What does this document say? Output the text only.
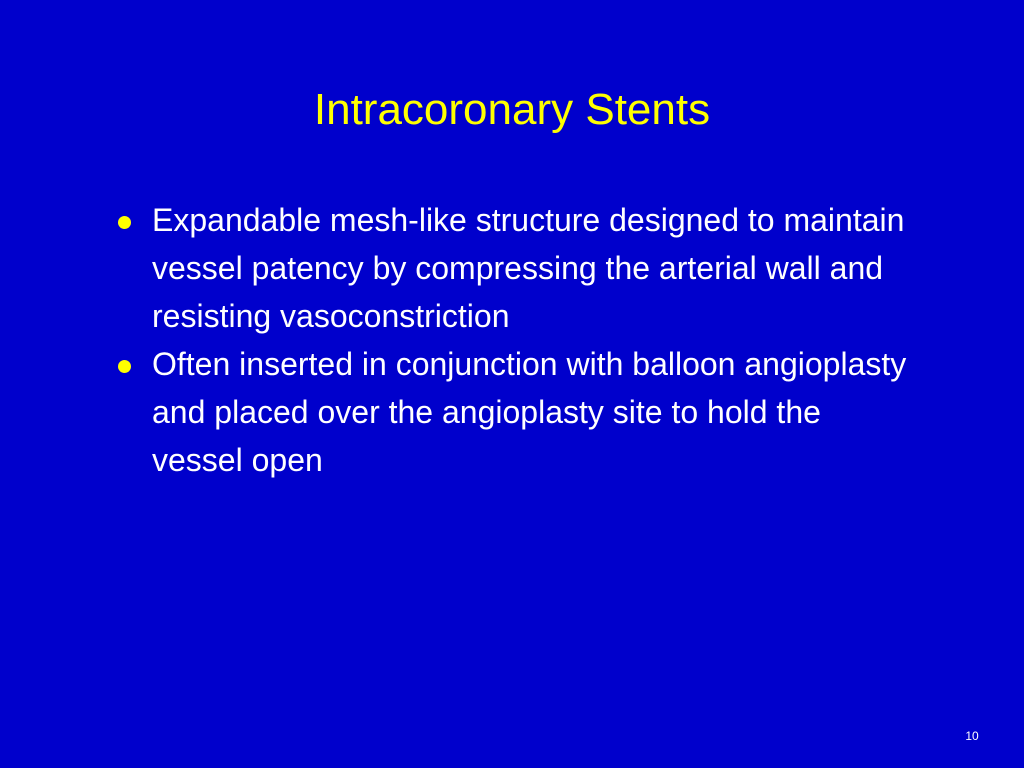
Intracoronary Stents
Expandable mesh-like structure designed to maintain vessel patency by compressing the arterial wall and resisting vasoconstriction
Often inserted in conjunction with balloon angioplasty and placed over the angioplasty site to hold the vessel open
10
